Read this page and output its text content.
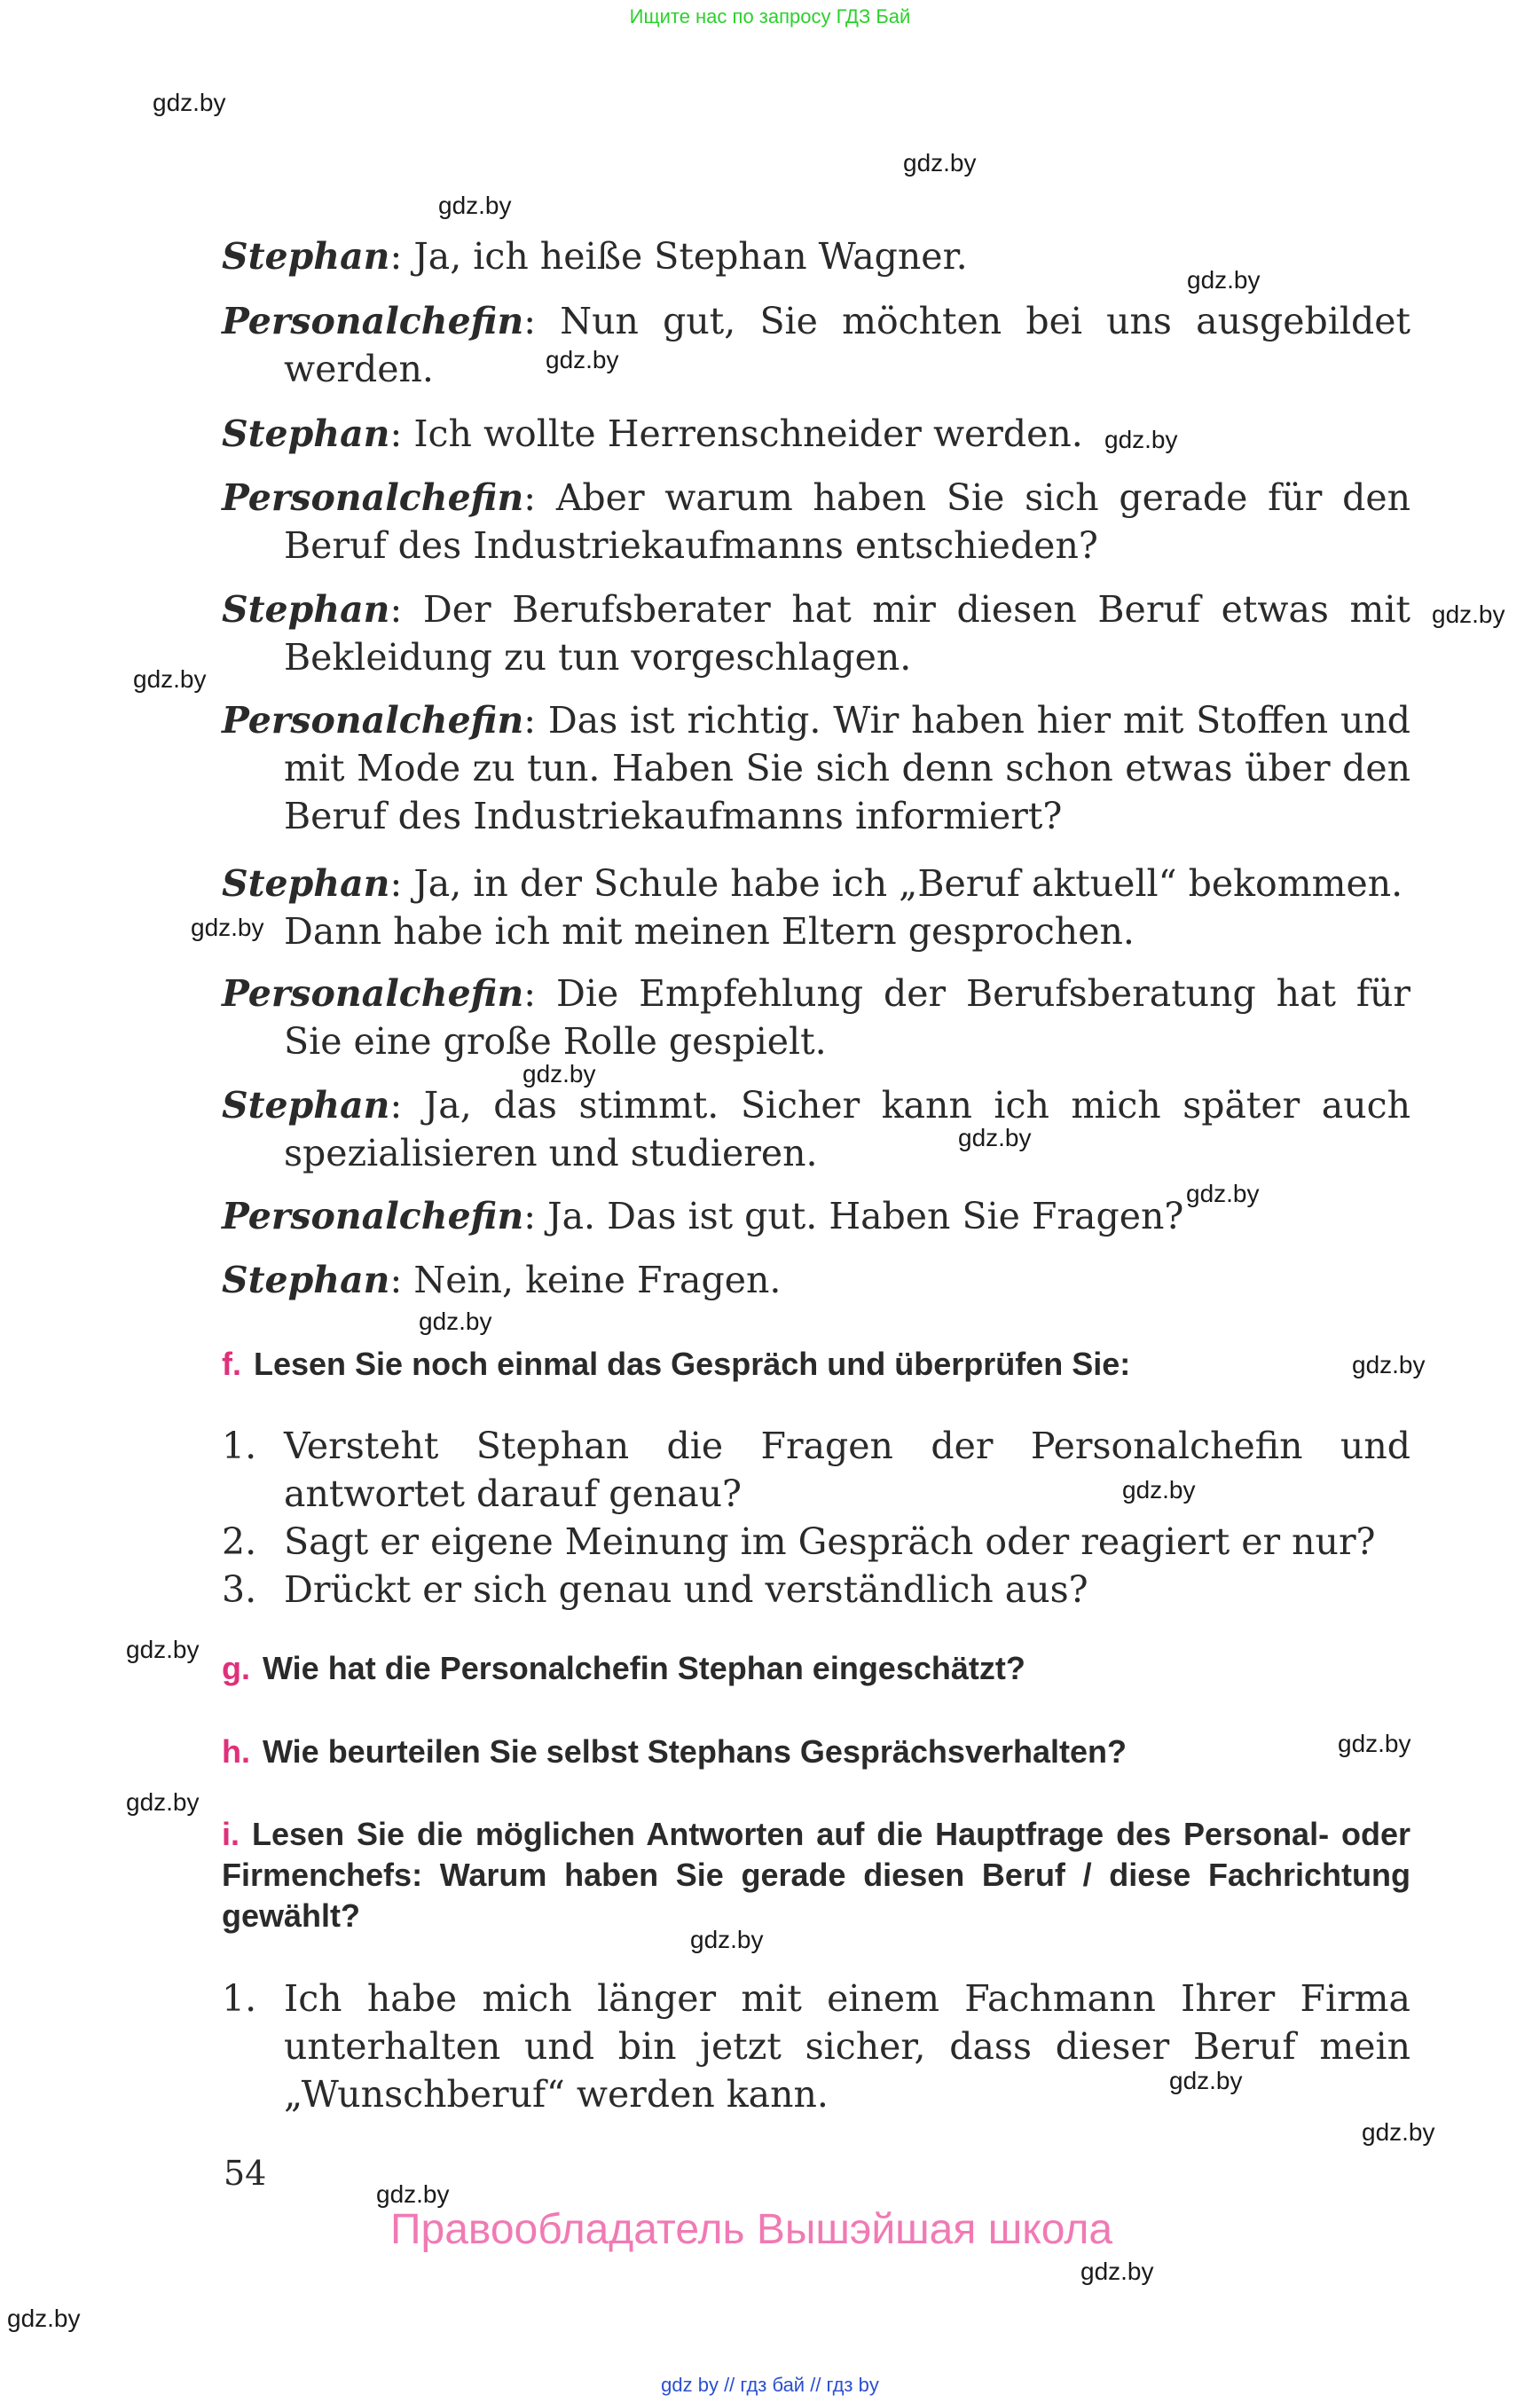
Ищите нас по запросу ГДЗ Бай
Stephan: Ja, ich heiße Stephan Wagner.
Personalchefin: Nun gut, Sie möchten bei uns ausgebildet werden.
Stephan: Ich wollte Herrenschneider werden.
Personalchefin: Aber warum haben Sie sich gerade für den Beruf des Industriekaufmanns entschieden?
Stephan: Der Berufsberater hat mir diesen Beruf etwas mit Bekleidung zu tun vorgeschlagen.
Personalchefin: Das ist richtig. Wir haben hier mit Stoffen und mit Mode zu tun. Haben Sie sich denn schon etwas über den Beruf des Industriekaufmanns informiert?
Stephan: Ja, in der Schule habe ich „Beruf aktuell“ bekommen. Dann habe ich mit meinen Eltern gesprochen.
Personalchefin: Die Empfehlung der Berufsberatung hat für Sie eine große Rolle gespielt.
Stephan: Ja, das stimmt. Sicher kann ich mich später auch spezialisieren und studieren.
Personalchefin: Ja. Das ist gut. Haben Sie Fragen?
Stephan: Nein, keine Fragen.
f. Lesen Sie noch einmal das Gespräch und überprüfen Sie:
1. Versteht Stephan die Fragen der Personalchefin und antwortet darauf genau?
2. Sagt er eigene Meinung im Gespräch oder reagiert er nur?
3. Drückt er sich genau und verständlich aus?
g. Wie hat die Personalchefin Stephan eingeschätzt?
h. Wie beurteilen Sie selbst Stephans Gesprächsverhalten?
i. Lesen Sie die möglichen Antworten auf die Hauptfrage des Personal- oder Firmenchefs: Warum haben Sie gerade diesen Beruf / diese Fachrichtung gewählt?
1. Ich habe mich länger mit einem Fachmann Ihrer Firma unterhalten und bin jetzt sicher, dass dieser Beruf mein „Wunschberuf“ werden kann.
54
Правообладатель Вышэйшая школа
gdz.by
gdz.by
gdz.by
gdz.by
gdz.by
gdz.by
gdz.by
gdz.by
gdz.by
gdz.by
gdz.by
gdz.by
gdz.by
gdz.by
gdz.by
gdz.by
gdz.by
gdz.by
gdz.by
gdz.by
gdz.by
gdz.by
gdz.by
gdz.by
gdz by // гдз бай // гдз by
